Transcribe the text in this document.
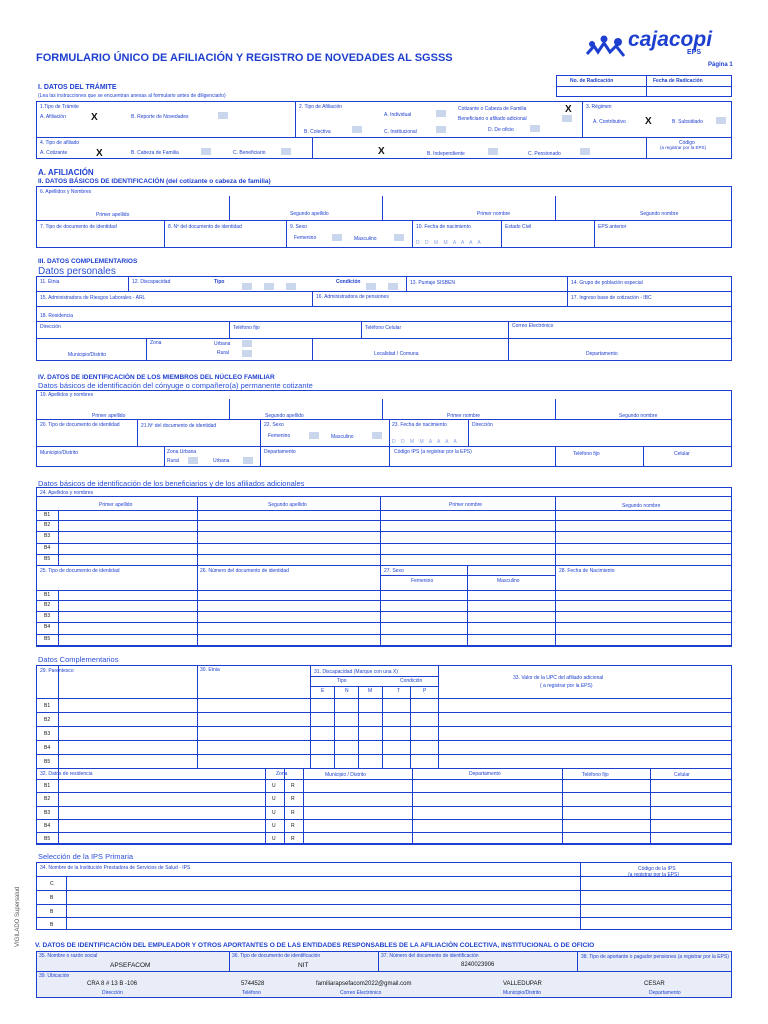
FORMULARIO ÚNICO DE AFILIACIÓN Y REGISTRO DE NOVEDADES AL SGSSS
cajacopi
EPS
Página 1
I. DATOS DEL TRÁMITE
(Lea las instrucciones que se encuentran anexas al formulario antes de diligenciarlo)
No. de Radicación	Fecha de Radicación
1.Tipo de Trámite
A. Afiliación	X	B. Reporte de Novedades
2. Tipo de Afiliación
A. Individual
Cotizante o Cabeza de Familia	X
Beneficiario o afiliado adicional
B. Colectiva	C. Institucional	D. De oficio
3. Régimen
A. Contributivo X	B. Subsidiado
4. Tipo de afiliado
A. Cotizante	X	B. Cabeza de Familia	C. Beneficiario	X	B. Independiente	C. Pensionado
Código
(a registrar por la EPS)
A. AFILIACIÓN
II. DATOS BÁSICOS DE IDENTIFICACIÓN (del cotizante o cabeza de familia)
6. Apellidos y Nombres
Primer apellido	Segundo apellido	Primer nombre	Segundo nombre
7. Tipo de documento de identidad	8. Nº del documento de identidad	9. Sexo
Femenino	Masculino
10. Fecha de nacimiento
D D M M A A A A
Estado Civil	EPS anterior
III. DATOS COMPLEMENTARIOS
Datos personales
11. Etnia	12. Discapacidad	Tipo	Condición	13. Puntaje SISBEN	14. Grupo de población especial
15. Administradora de Riesgos Laborales - ARL	16. Administradora de pensiones	17. Ingreso base de cotización - IBC
18. Residencia
Dirección	Teléfono fijo	Teléfono Celular	Correo Electrónico
Zona	Urbana
Rural
Municipio/Distrito	Localidad / Comuna	Departamento
IV. DATOS DE IDENTIFICACIÓN DE LOS MIEMBROS DEL NÚCLEO FAMILIAR
Datos básicos de identificación del cónyuge o compañero(a) permanente cotizante
19. Apellidos y nombres
Primer apellido	Segundo apellido	Primer nombre	Segundo nombre
20. Tipo de documento de identidad	21.Nº del documento de identidad	22. Sexo
Femenino	Masculino
23. Fecha de nacimiento
D D M M A A A A
Dirección
Municipio/Distrito	Zona Urbana
Rural	Urbana
Departamento	Código IPS (a registrar por la EPS)	Teléfono fijo	Celular
Datos básicos de identificación de los beneficiarios y de los afiliados adicionales
24. Apellidos y nombres
Primer apellido	Segundo apellido	Primer nombre	Segundo nombre
25. Tipo de documento de identidad	26. Número del documento de identidad	27. Sexo
Femenino	Masculino
28. Fecha de Nacimiento
B1
B2
B3
B4
B5
B1
B2
B3
B4
B5
Datos Complementarios
29. Parentesco	30. Etnia	31. Discapacidad (Marque con una X)
Tipo	Condición
E	N	M	T	P
33. Valor de la UPC del afiliado adicional
( a registrar por la EPS)
32. Datos de residencia	Zona	Municipio / Distrito	Departamento	Teléfono fijo	Celular
B1
B2
B3
B4
B5
B1	U	R
B2	U	R
B3	U	R
B4	U	R
B5	U	R
Selección de la IPS Primaria
34. Nombre de la Institución Prestadora de Servicios de Salud - IPS	Código de la IPS
(a registrar por la EPS)
C
B
B
B
V. DATOS DE IDENTIFICACIÓN DEL EMPLEADOR Y OTROS APORTANTES O DE LAS ENTIDADES RESPONSABLES DE LA AFILIACIÓN COLECTIVA, INSTITUCIONAL O DE OFICIO
35. Nombre o razón social
APSEFACOM
36. Tipo de documento de identificación
NIT
37. Número del documento de identificación
8240023906
38. Tipo de aportante o pagador pensiones (a registrar por la EPS)
39. Ubicación
CRA 8 # 13 B -106	5744528	familiarapsefacom2022@gmail.com	VALLEDUPAR	CESAR
Dirección	Teléfono	Correo Electrónico	Municipio/Distrito	Departamento
VIGILADO Supersalud
